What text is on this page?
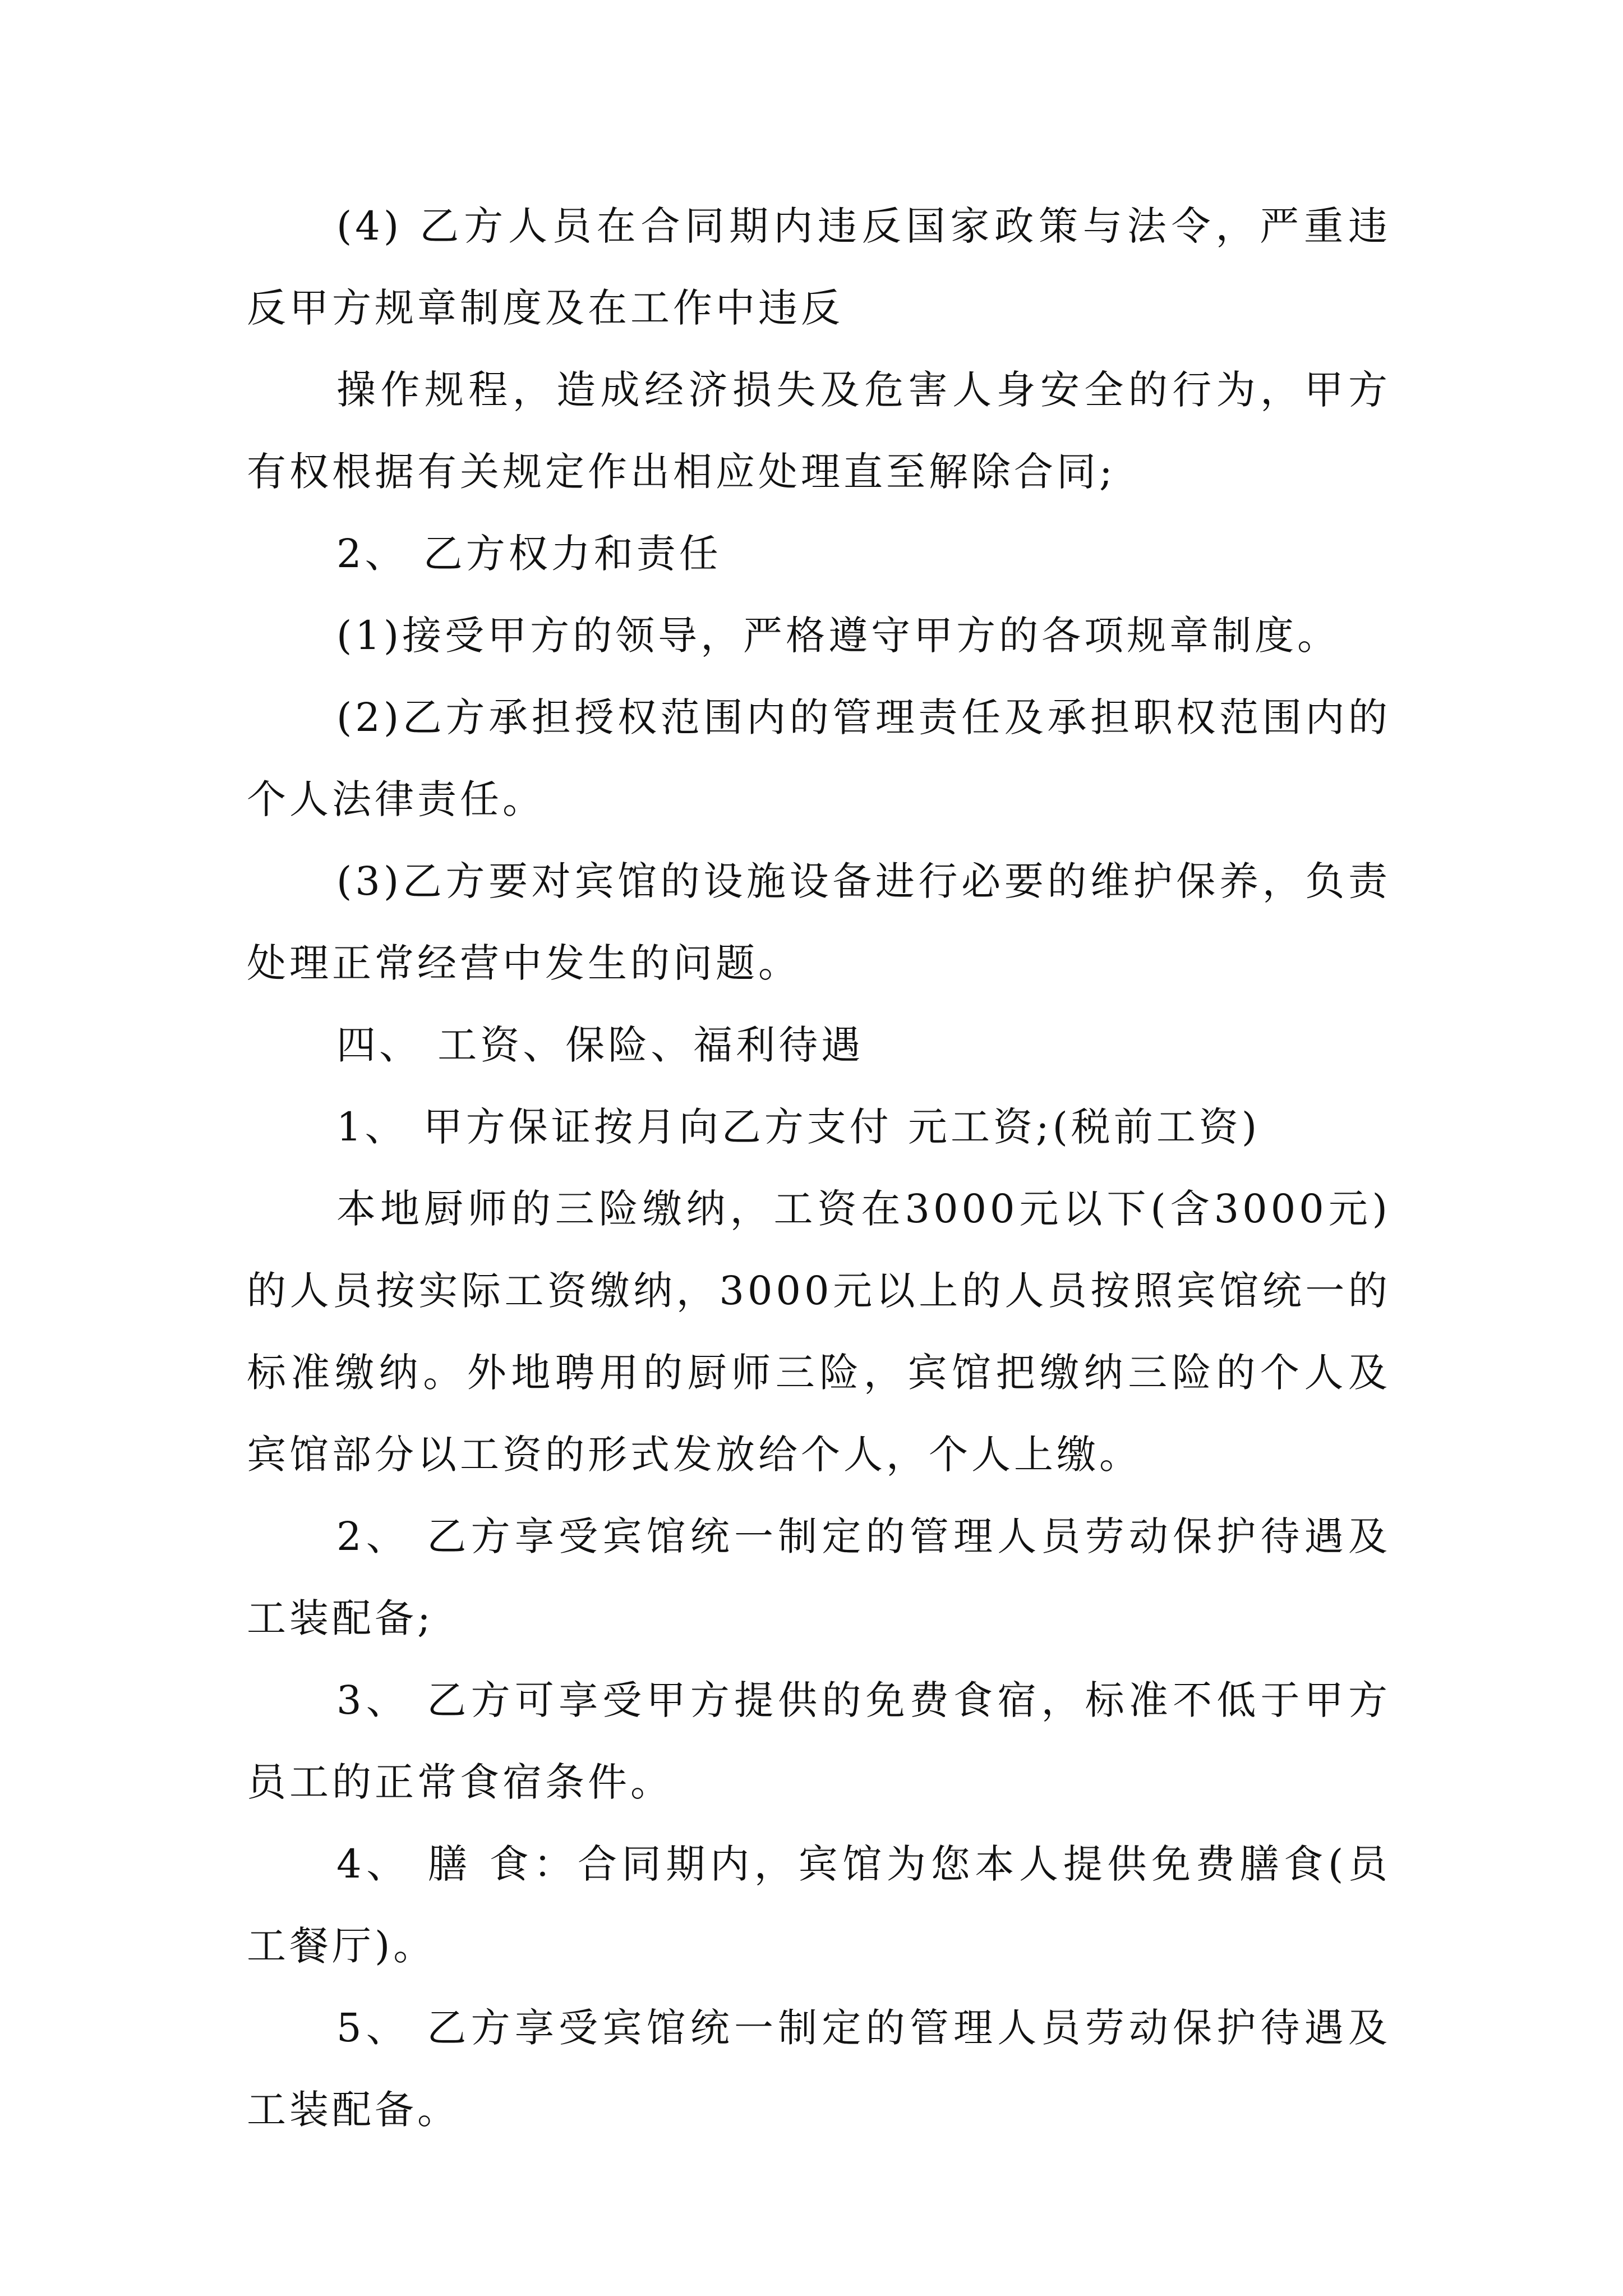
(4) 乙方人员在合同期内违反国家政策与法令，严重违反甲方规章制度及在工作中违反

操作规程，造成经济损失及危害人身安全的行为，甲方有权根据有关规定作出相应处理直至解除合同;

2、 乙方权力和责任

(1)接受甲方的领导，严格遵守甲方的各项规章制度。

(2)乙方承担授权范围内的管理责任及承担职权范围内的个人法律责任。

(3)乙方要对宾馆的设施设备进行必要的维护保养，负责处理正常经营中发生的问题。

四、 工资、保险、福利待遇

1、 甲方保证按月向乙方支付 元工资;(税前工资)

本地厨师的三险缴纳，工资在3000元以下(含3000元)的人员按实际工资缴纳，3000元以上的人员按照宾馆统一的标准缴纳。外地聘用的厨师三险，宾馆把缴纳三险的个人及宾馆部分以工资的形式发放给个人，个人上缴。

2、 乙方享受宾馆统一制定的管理人员劳动保护待遇及工装配备;

3、 乙方可享受甲方提供的免费食宿，标准不低于甲方员工的正常食宿条件。

4、 膳 食：合同期内，宾馆为您本人提供免费膳食(员工餐厅)。

5、 乙方享受宾馆统一制定的管理人员劳动保护待遇及工装配备。
